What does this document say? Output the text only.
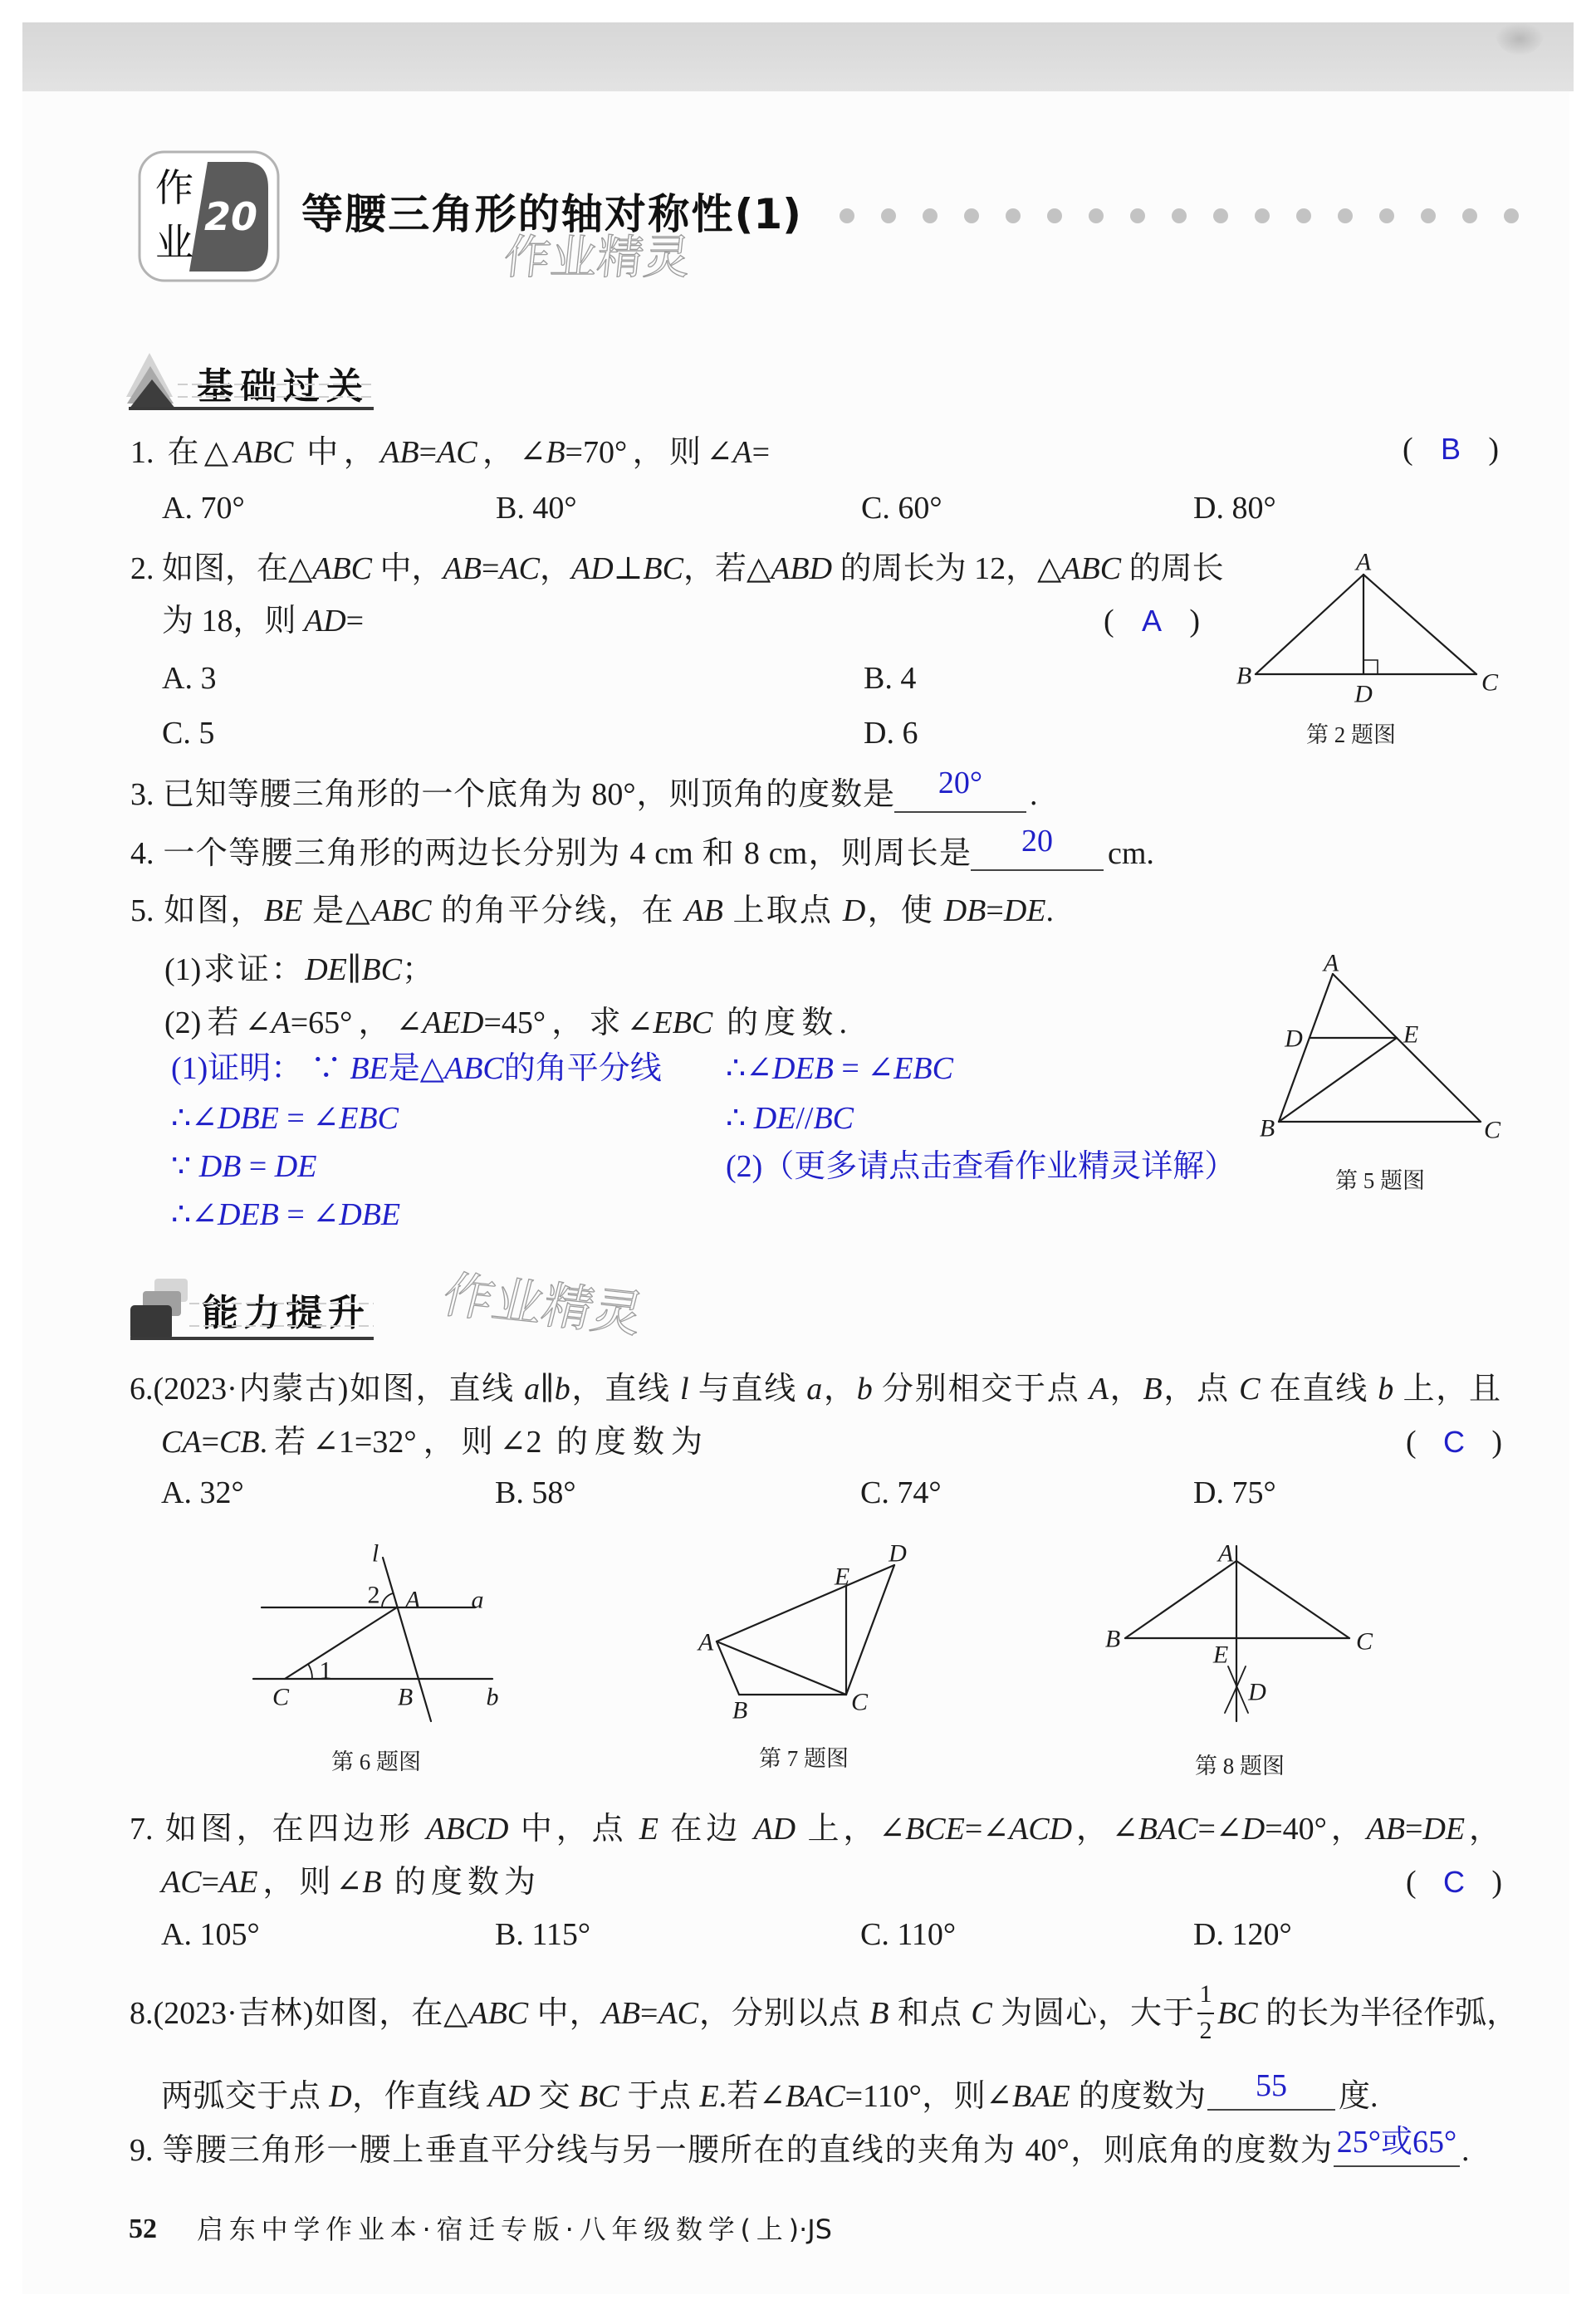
作
业
20 等腰三角形的轴对称性(1)
作业精灵
基础过关
1. 在△ABC 中，AB=AC，∠B=70°，则∠A=	( B )
A. 70°	B. 40°	C. 60°	D. 80°
2. 如图，在△ABC 中，AB=AC，AD⊥BC，若△ABD 的周长为 12，△ABC 的周长
为 18，则 AD=	( A )
A. 3	B. 4
C. 5	D. 6	第 2 题图
3. 已知等腰三角形的一个底角为 80°，则顶角的度数是	20°	.
4. 一个等腰三角形的两边长分别为 4 cm 和 8 cm，则周长是	20	cm.
5. 如图，BE 是△ABC 的角平分线，在 AB 上取点 D，使 DB=DE.
(1)求证：DE∥BC；
(2)若∠A=65°，∠AED=45°，求∠EBC 的度数.
(1)证明： ∵ BE是△ABC的角平分线 ∴∠DEB = ∠EBC
∴∠DBE = ∠EBC	∴ DE//BC
∵ DB = DE	(2)（更多请点击查看作业精灵详解）
∴∠DEB = ∠DBE
第 5 题图
能力提升 作业精灵
6.(2023·内蒙古)如图，直线 a∥b，直线 l 与直线 a，b 分别相交于点 A，B，点 C 在直线 b 上，且
CA=CB.若∠1=32°，则∠2 的度数为	( C )
A. 32°	B. 58°	C. 74°	D. 75°
第 6 题图	第 7 题图	第 8 题图
7. 如图，在四边形 ABCD 中，点 E 在边 AD 上，∠BCE=∠ACD，∠BAC=∠D=40°，AB=DE，
AC=AE，则∠B 的度数为	( C )
A. 105°	B. 115°	C. 110°	D. 120°
8.(2023·吉林)如图，在△ABC 中，AB=AC，分别以点 B 和点 C 为圆心，大于
1
2 BC 的长为半径作弧，
两弧交于点 D，作直线 AD 交 BC 于点 E.若∠BAC=110°，则∠BAE 的度数为	55	度.
9. 等腰三角形一腰上垂直平分线与另一腰所在的直线的夹角为 40°，则底角的度数为 25°或65° .
52 启东中学作业本·宿迁专版·八年级数学(上)·JS
A
B	C
D
A
B	C
D	E
l
a
b
A
B
C
1
2
A
B	C
D
E
A
B	C
D
E
